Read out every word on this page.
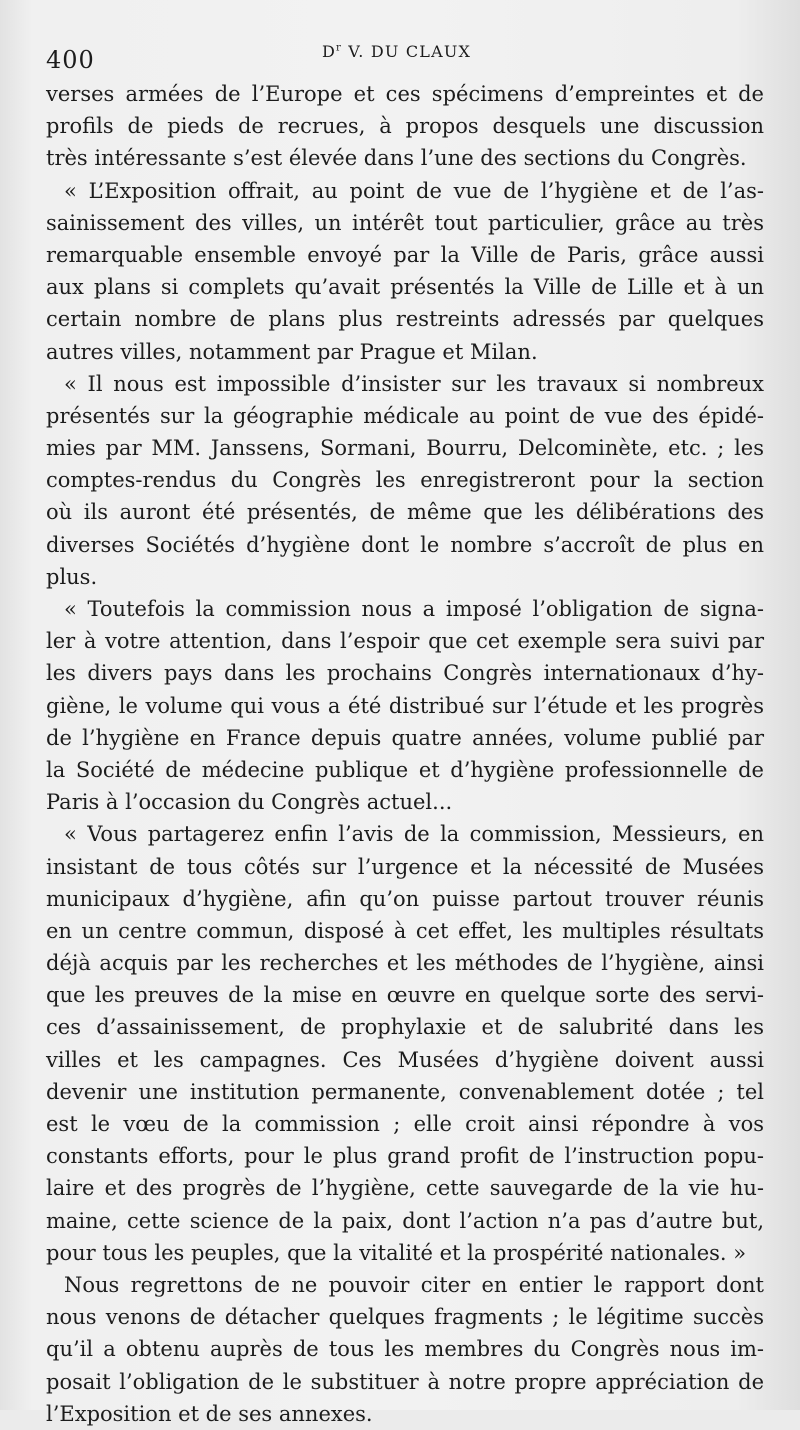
400	$D^r$ V. DU CLAUX
verses armées de l’Europe et ces spécimens d’empreintes et de
profils de pieds de recrues, à propos desquels une discussion
très intéressante s’est élevée dans l’une des sections du Congrès.
« L’Exposition offrait, au point de vue de l’hygiène et de l’as-
sainissement des villes, un intérêt tout particulier, grâce au très
remarquable ensemble envoyé par la Ville de Paris, grâce aussi
aux plans si complets qu’avait présentés la Ville de Lille et à un
certain nombre de plans plus restreints adressés par quelques
autres villes, notamment par Prague et Milan.
« Il nous est impossible d’insister sur les travaux si nombreux
présentés sur la géographie médicale au point de vue des épidé-
mies par MM. Janssens, Sormani, Bourru, Delcominète, etc. ; les
comptes-rendus du Congrès les enregistreront pour la section
où ils auront été présentés, de même que les délibérations des
diverses Sociétés d’hygiène dont le nombre s’accroît de plus en
plus.
« Toutefois la commission nous a imposé l’obligation de signa-
ler à votre attention, dans l’espoir que cet exemple sera suivi par
les divers pays dans les prochains Congrès internationaux d’hy-
giène, le volume qui vous a été distribué sur l’étude et les progrès
de l’hygiène en France depuis quatre années, volume publié par
la Société de médecine publique et d’hygiène professionnelle de
Paris à l’occasion du Congrès actuel...
« Vous partagerez enfin l’avis de la commission, Messieurs, en
insistant de tous côtés sur l’urgence et la nécessité de Musées
municipaux d’hygiène, afin qu’on puisse partout trouver réunis
en un centre commun, disposé à cet effet, les multiples résultats
déjà acquis par les recherches et les méthodes de l’hygiène, ainsi
que les preuves de la mise en œuvre en quelque sorte des servi-
ces d’assainissement, de prophylaxie et de salubrité dans les
villes et les campagnes. Ces Musées d’hygiène doivent aussi
devenir une institution permanente, convenablement dotée ; tel
est le vœu de la commission ; elle croit ainsi répondre à vos
constants efforts, pour le plus grand profit de l’instruction popu-
laire et des progrès de l’hygiène, cette sauvegarde de la vie hu-
maine, cette science de la paix, dont l’action n’a pas d’autre but,
pour tous les peuples, que la vitalité et la prospérité nationales. »
Nous regrettons de ne pouvoir citer en entier le rapport dont
nous venons de détacher quelques fragments ; le légitime succès
qu’il a obtenu auprès de tous les membres du Congrès nous im-
posait l’obligation de le substituer à notre propre appréciation de
l’Exposition et de ses annexes.
